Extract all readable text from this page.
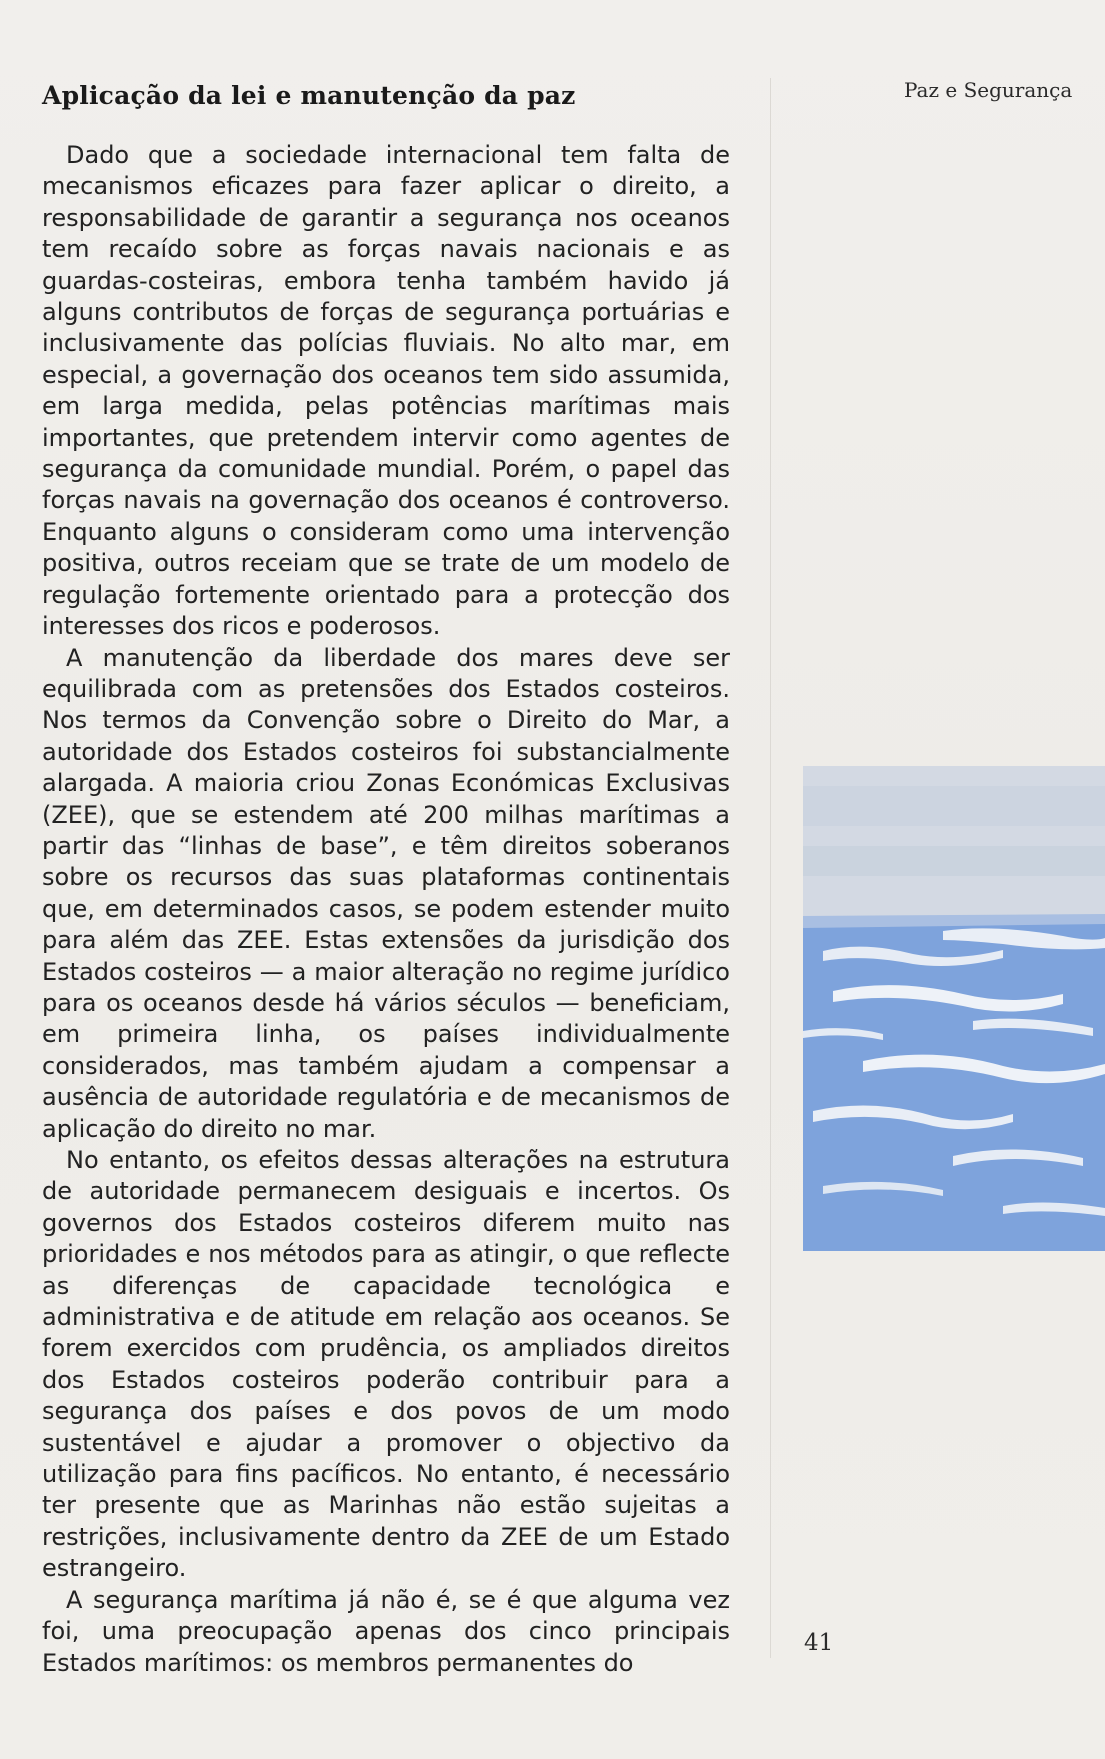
Aplicação da lei e manutenção da paz

Dado que a sociedade internacional tem falta de mecanismos eficazes para fazer aplicar o direito, a responsabilidade de garantir a segurança nos oceanos tem recaído sobre as forças navais nacionais e as guardas-costeiras, embora tenha também havido já alguns contributos de forças de segurança portuárias e inclusivamente das polícias fluviais. No alto mar, em especial, a governação dos oceanos tem sido assumida, em larga medida, pelas potências marítimas mais importantes, que pretendem intervir como agentes de segurança da comunidade mundial. Porém, o papel das forças navais na governação dos oceanos é controverso. Enquanto alguns o consideram como uma intervenção positiva, outros receiam que se trate de um modelo de regulação fortemente orientado para a protecção dos interesses dos ricos e poderosos.

A manutenção da liberdade dos mares deve ser equilibrada com as pretensões dos Estados costeiros. Nos termos da Convenção sobre o Direito do Mar, a autoridade dos Estados costeiros foi substancialmente alargada. A maioria criou Zonas Económicas Exclusivas (ZEE), que se estendem até 200 milhas marítimas a partir das “linhas de base”, e têm direitos soberanos sobre os recursos das suas plataformas continentais que, em determinados casos, se podem estender muito para além das ZEE. Estas extensões da jurisdição dos Estados costeiros — a maior alteração no regime jurídico para os oceanos desde há vários séculos — beneficiam, em primeira linha, os países individualmente considerados, mas também ajudam a compensar a ausência de autoridade regulatória e de mecanismos de aplicação do direito no mar.

No entanto, os efeitos dessas alterações na estrutura de autoridade permanecem desiguais e incertos. Os governos dos Estados costeiros diferem muito nas prioridades e nos métodos para as atingir, o que reflecte as diferenças de capacidade tecnológica e administrativa e de atitude em relação aos oceanos. Se forem exercidos com prudência, os ampliados direitos dos Estados costeiros poderão contribuir para a segurança dos países e dos povos de um modo sustentável e ajudar a promover o objectivo da utilização para fins pacíficos. No entanto, é necessário ter presente que as Marinhas não estão sujeitas a restrições, inclusivamente dentro da ZEE de um Estado estrangeiro.

A segurança marítima já não é, se é que alguma vez foi, uma preocupação apenas dos cinco principais Estados marítimos: os membros permanentes do

Paz e Segurança
41
